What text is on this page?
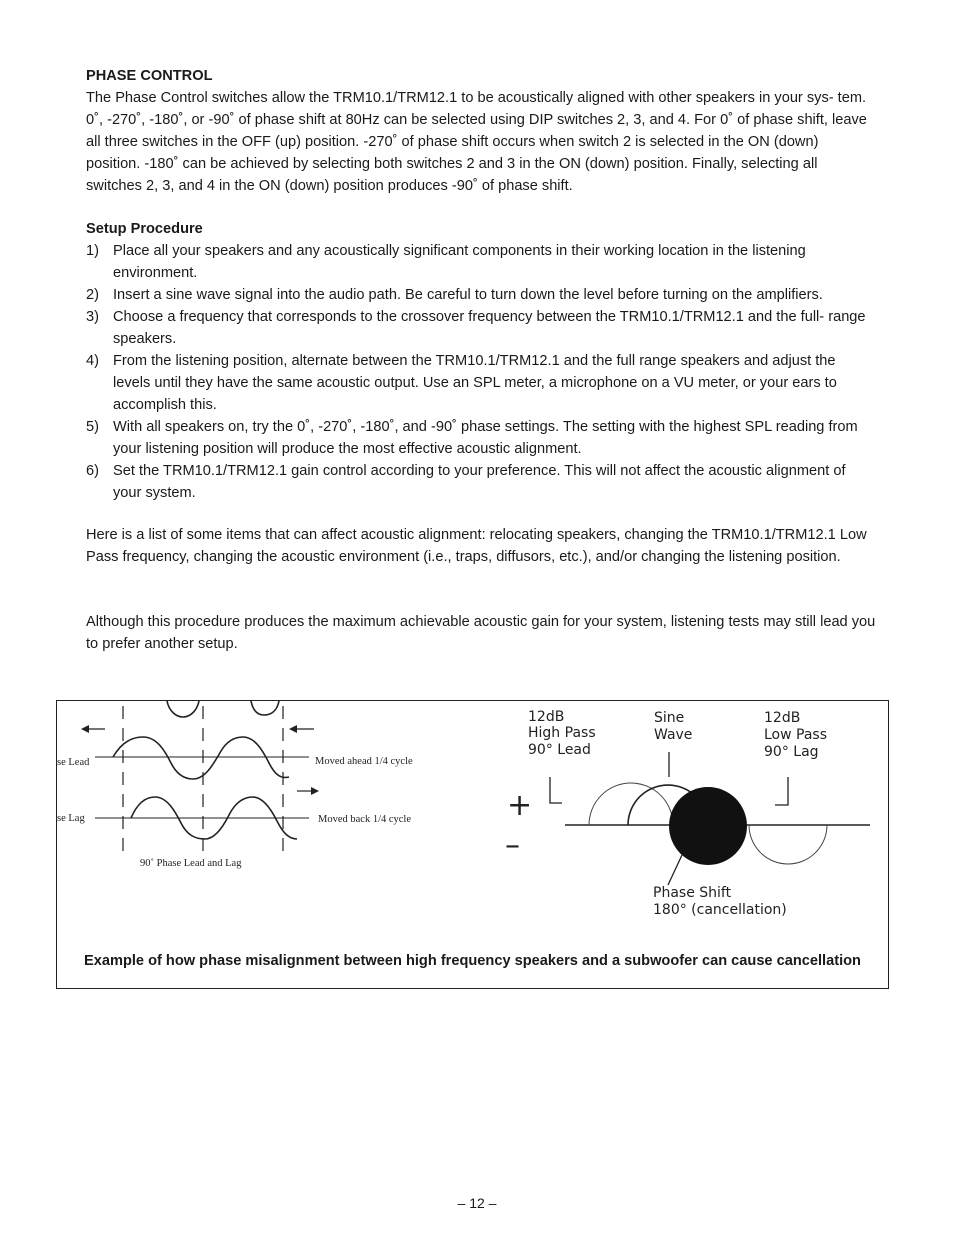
PHASE CONTROL

The Phase Control switches allow the TRM10.1/TRM12.1 to be acoustically aligned with other speakers in your sys- tem. 0˚, -270˚, -180˚, or -90˚ of phase shift at 80Hz can be selected using DIP switches 2, 3, and 4. For 0˚ of phase shift, leave all three switches in the OFF (up) position. -270˚ of phase shift occurs when switch 2 is selected in the ON (down) position. -180˚ can be achieved by selecting both switches 2 and 3 in the ON (down) position. Finally, selecting all switches 2, 3, and 4 in the ON (down) position produces -90˚ of phase shift.

Setup Procedure

1) Place all your speakers and any acoustically significant components in their working location in the listening environment.
2) Insert a sine wave signal into the audio path. Be careful to turn down the level before turning on the amplifiers.
3) Choose a frequency that corresponds to the crossover frequency between the TRM10.1/TRM12.1 and the full- range speakers.
4) From the listening position, alternate between the TRM10.1/TRM12.1 and the full range speakers and adjust the levels until they have the same acoustic output. Use an SPL meter, a microphone on a VU meter, or your ears to accomplish this.
5) With all speakers on, try the 0˚, -270˚, -180˚, and -90˚ phase settings. The setting with the highest SPL reading from your listening position will produce the most effective acoustic alignment.
6) Set the TRM10.1/TRM12.1 gain control according to your preference. This will not affect the acoustic alignment of your system.

Here is a list of some items that can affect acoustic alignment: relocating speakers, changing the TRM10.1/TRM12.1 Low Pass frequency, changing the acoustic environment (i.e., traps, diffusors, etc.), and/or changing the listening position.

Although this procedure produces the maximum achievable acoustic gain for your system, listening tests may still lead you to prefer another setup.

se Lead	Moved ahead 1/4 cycle
se Lag	Moved back 1/4 cycle
90˚ Phase Lead and Lag
12dB
High Pass
90° Lead
Sine
Wave
12dB
Low Pass
90° Lag
+
–
Phase Shift
180° (cancellation)
Example of how phase misalignment between high frequency speakers and a subwoofer can cause cancellation
– 12 –
